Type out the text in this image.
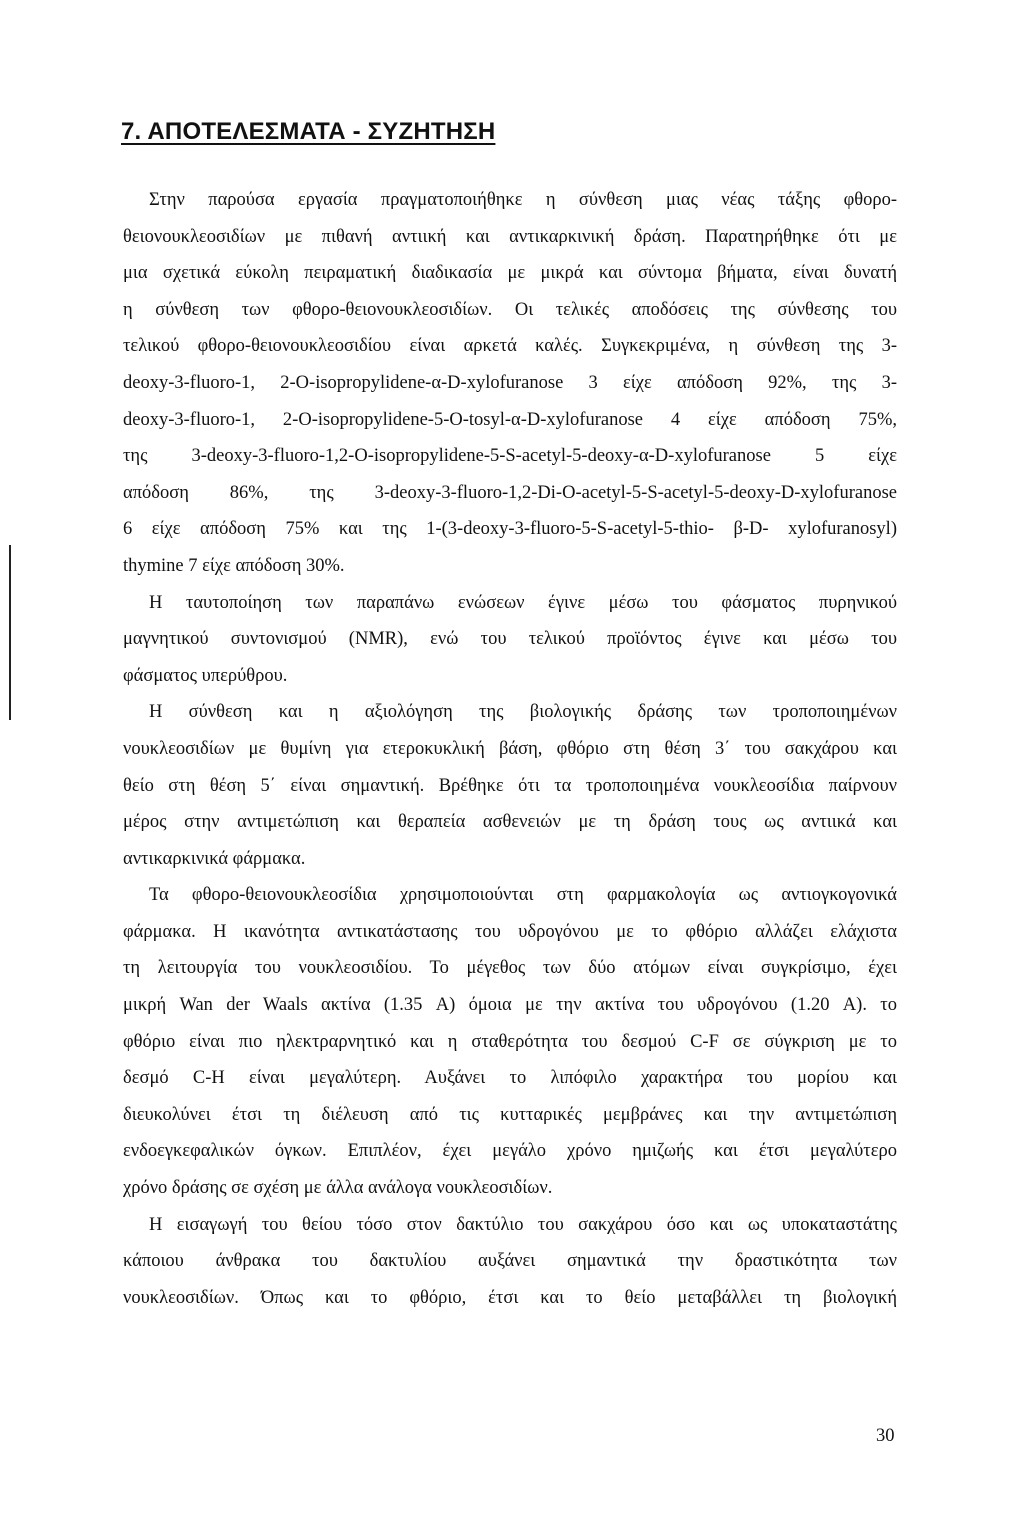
7. ΑΠΟΤΕΛΕΣΜΑΤΑ - ΣΥΖΗΤΗΣΗ
Στην παρούσα εργασία πραγματοποιήθηκε η σύνθεση μιας νέας τάξης φθορο-
θειονουκλεοσιδίων με πιθανή αντιική και αντικαρκινική δράση. Παρατηρήθηκε ότι με
μια σχετικά εύκολη πειραματική διαδικασία με μικρά και σύντομα βήματα, είναι δυνατή
η σύνθεση των φθορο-θειονουκλεοσιδίων. Οι τελικές αποδόσεις της σύνθεσης του
τελικού φθορο-θειονουκλεοσιδίου είναι αρκετά καλές. Συγκεκριμένα, η σύνθεση της 3-
deoxy-3-fluoro-1, 2-O-isopropylidene-α-D-xylofuranose 3 είχε απόδοση 92%, της 3-
deoxy-3-fluoro-1, 2-O-isopropylidene-5-O-tosyl-α-D-xylofuranose 4 είχε απόδοση 75%,
της 3-deoxy-3-fluoro-1,2-O-isopropylidene-5-S-acetyl-5-deoxy-α-D-xylofuranose 5 είχε
απόδοση 86%, της 3-deoxy-3-fluoro-1,2-Di-O-acetyl-5-S-acetyl-5-deoxy-D-xylofuranose
6 είχε απόδοση 75% και της 1-(3-deoxy-3-fluoro-5-S-acetyl-5-thio- β-D- xylofuranosyl)
thymine 7 είχε απόδοση 30%.
Η ταυτοποίηση των παραπάνω ενώσεων έγινε μέσω του φάσματος πυρηνικού
μαγνητικού συντονισμού (NMR), ενώ του τελικού προϊόντος έγινε και μέσω του
φάσματος υπερύθρου.
Η σύνθεση και η αξιολόγηση της βιολογικής δράσης των τροποποιημένων
νουκλεοσιδίων με θυμίνη για ετεροκυκλική βάση, φθόριο στη θέση 3΄ του σακχάρου και
θείο στη θέση 5΄ είναι σημαντική. Βρέθηκε ότι τα τροποποιημένα νουκλεοσίδια παίρνουν
μέρος στην αντιμετώπιση και θεραπεία ασθενειών με τη δράση τους ως αντιικά και
αντικαρκινικά φάρμακα.
Τα φθορο-θειονουκλεοσίδια χρησιμοποιούνται στη φαρμακολογία ως αντιογκογονικά
φάρμακα. Η ικανότητα αντικατάστασης του υδρογόνου με το φθόριο αλλάζει ελάχιστα
τη λειτουργία του νουκλεοσιδίου. Το μέγεθος των δύο ατόμων είναι συγκρίσιμο, έχει
μικρή Wan der Waals ακτίνα (1.35 A) όμοια με την ακτίνα του υδρογόνου (1.20 A). το
φθόριο είναι πιο ηλεκτραρνητικό και η σταθερότητα του δεσμού C-F σε σύγκριση με το
δεσμό C-H είναι μεγαλύτερη. Αυξάνει το λιπόφιλο χαρακτήρα του μορίου και
διευκολύνει έτσι τη διέλευση από τις κυτταρικές μεμβράνες και την αντιμετώπιση
ενδοεγκεφαλικών όγκων. Επιπλέον, έχει μεγάλο χρόνο ημιζωής και έτσι μεγαλύτερο
χρόνο δράσης σε σχέση με άλλα ανάλογα νουκλεοσιδίων.
Η εισαγωγή του θείου τόσο στον δακτύλιο του σακχάρου όσο και ως υποκαταστάτης
κάποιου άνθρακα του δακτυλίου αυξάνει σημαντικά την δραστικότητα των
νουκλεοσιδίων. Όπως και το φθόριο, έτσι και το θείο μεταβάλλει τη βιολογική
30
